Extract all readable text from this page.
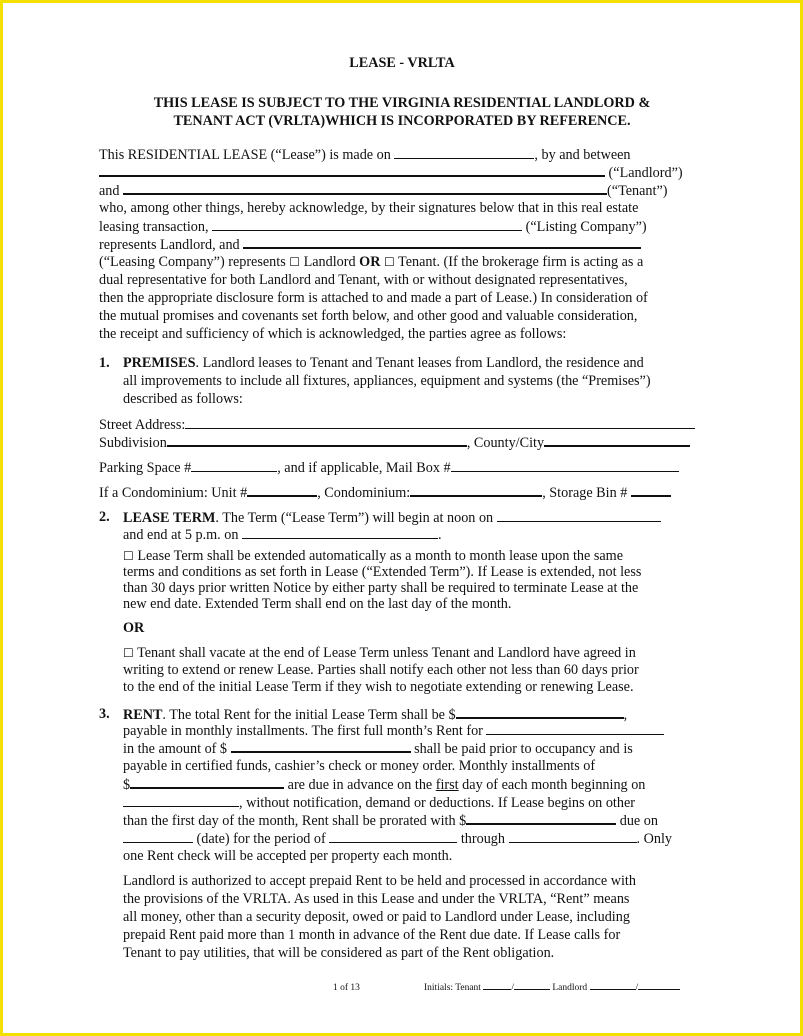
LEASE - VRLTA
THIS LEASE IS SUBJECT TO THE VIRGINIA RESIDENTIAL LANDLORD &
TENANT ACT (VRLTA)WHICH IS INCORPORATED BY REFERENCE.
This RESIDENTIAL LEASE (“Lease”) is made on	, by and between
(“Landlord”)
and	(“Tenant”)
who, among other things, hereby acknowledge, by their signatures below that in this real estate
leasing transaction,	(“Listing Company”)
represents Landlord, and
(“Leasing Company”) represents ☐ Landlord OR ☐ Tenant. (If the brokerage firm is acting as a
dual representative for both Landlord and Tenant, with or without designated representatives,
then the appropriate disclosure form is attached to and made a part of Lease.) In consideration of
the mutual promises and covenants set forth below, and other good and valuable consideration,
the receipt and sufficiency of which is acknowledged, the parties agree as follows:
1. PREMISES. Landlord leases to Tenant and Tenant leases from Landlord, the residence and
all improvements to include all fixtures, appliances, equipment and systems (the “Premises”)
described as follows:
Street Address:
Subdivision	, County/City
Parking Space #	, and if applicable, Mail Box #
If a Condominium: Unit #	, Condominium:	, Storage Bin #
2. LEASE TERM. The Term (“Lease Term”) will begin at noon on
and end at 5 p.m. on	.
☐ Lease Term shall be extended automatically as a month to month lease upon the same
terms and conditions as set forth in Lease (“Extended Term”). If Lease is extended, not less
than 30 days prior written Notice by either party shall be required to terminate Lease at the
new end date. Extended Term shall end on the last day of the month.
OR
☐ Tenant shall vacate at the end of Lease Term unless Tenant and Landlord have agreed in
writing to extend or renew Lease. Parties shall notify each other not less than 60 days prior
to the end of the initial Lease Term if they wish to negotiate extending or renewing Lease.
3. RENT. The total Rent for the initial Lease Term shall be $	,
payable in monthly installments. The first full month’s Rent for
in the amount of $	shall be paid prior to occupancy and is
payable in certified funds, cashier’s check or money order. Monthly installments of
$	are due in advance on the first day of each month beginning on
, without notification, demand or deductions. If Lease begins on other
than the first day of the month, Rent shall be prorated with $	due on
(date) for the period of	through	. Only
one Rent check will be accepted per property each month.
Landlord is authorized to accept prepaid Rent to be held and processed in accordance with
the provisions of the VRLTA. As used in this Lease and under the VRLTA, “Rent” means
all money, other than a security deposit, owed or paid to Landlord under Lease, including
prepaid Rent paid more than 1 month in advance of the Rent due date. If Lease calls for
Tenant to pay utilities, that will be considered as part of the Rent obligation.
1 of 13	Initials: Tenant	/	Landlord	/
